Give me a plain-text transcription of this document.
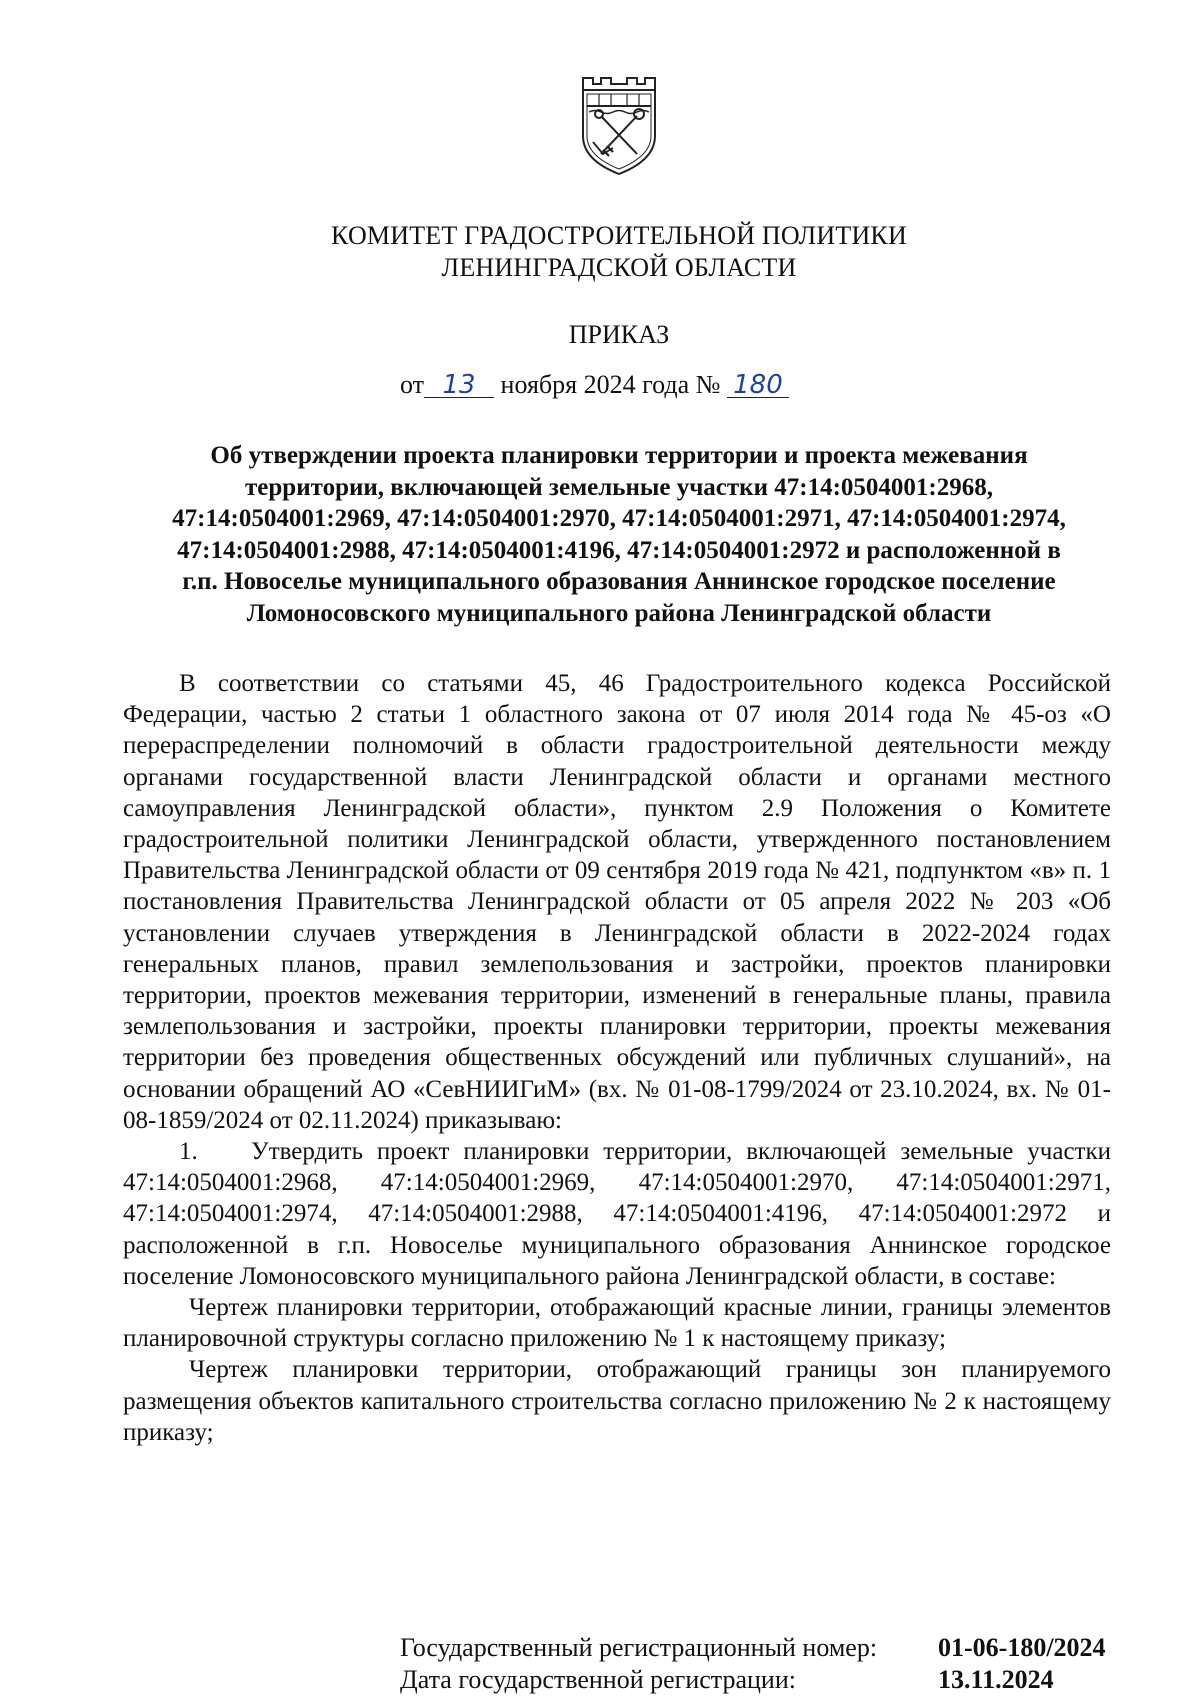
КОМИТЕТ ГРАДОСТРОИТЕЛЬНОЙ ПОЛИТИКИ
ЛЕНИНГРАДСКОЙ ОБЛАСТИ
ПРИКАЗ
от 13 ноября 2024 года № 180
Об утверждении проекта планировки территории и проекта межевания
территории, включающей земельные участки 47:14:0504001:2968,
47:14:0504001:2969, 47:14:0504001:2970, 47:14:0504001:2971, 47:14:0504001:2974,
47:14:0504001:2988, 47:14:0504001:4196, 47:14:0504001:2972 и расположенной в
г.п. Новоселье муниципального образования Аннинское городское поселение
Ломоносовского муниципального района Ленинградской области

В соответствии со статьями 45, 46 Градостроительного кодекса Российской Федерации, частью 2 статьи 1 областного закона от 07 июля 2014 года № 45-оз «О перераспределении полномочий в области градостроительной деятельности между органами государственной власти Ленинградской области и органами местного самоуправления Ленинградской области», пунктом 2.9 Положения о Комитете градостроительной политики Ленинградской области, утвержденного постановлением Правительства Ленинградской области от 09 сентября 2019 года № 421, подпунктом «в» п. 1 постановления Правительства Ленинградской области от 05 апреля 2022 № 203 «Об установлении случаев утверждения в Ленинградской области в 2022-2024 годах генеральных планов, правил землепользования и застройки, проектов планировки территории, проектов межевания территории, изменений в генеральные планы, правила землепользования и застройки, проекты планировки территории, проекты межевания территории без проведения общественных обсуждений или публичных слушаний», на основании обращений АО «СевНИИГиМ» (вх. № 01-08-1799/2024 от 23.10.2024, вх. № 01-08-1859/2024 от 02.11.2024) приказываю:

1. Утвердить проект планировки территории, включающей земельные участки 47:14:0504001:2968, 47:14:0504001:2969, 47:14:0504001:2970, 47:14:0504001:2971, 47:14:0504001:2974, 47:14:0504001:2988, 47:14:0504001:4196, 47:14:0504001:2972 и расположенной в г.п. Новоселье муниципального образования Аннинское городское поселение Ломоносовского муниципального района Ленинградской области, в составе:

Чертеж планировки территории, отображающий красные линии, границы элементов планировочной структуры согласно приложению № 1 к настоящему приказу;

Чертеж планировки территории, отображающий границы зон планируемого размещения объектов капитального строительства согласно приложению № 2 к настоящему приказу;

Государственный регистрационный номер: 01-06-180/2024
Дата государственной регистрации:	13.11.2024
